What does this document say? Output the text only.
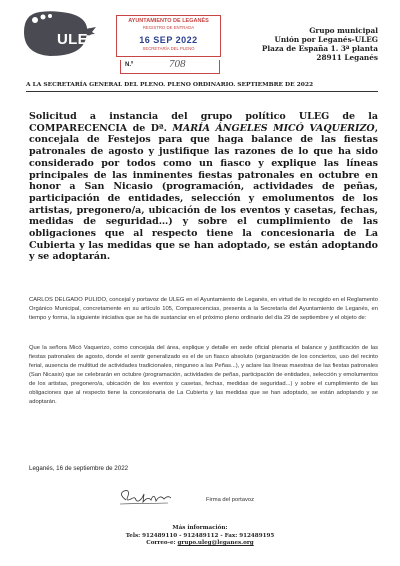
ULEG
AYUNTAMIENTO DE LEGANÉS
REGISTRO DE ENTRADA
16 SEP 2022
SECRETARÍA DEL PLENO
N.º	708
Grupo municipal
Unión por Leganés-ULEG
Plaza de España 1. 3ª planta
28911 Leganés
A LA SECRETARÍA GENERAL DEL PLENO. PLENO ORDINARIO. SEPTIEMBRE DE 2022
Solicitud a instancia del grupo político ULEG de la COMPARECENCIA de Dª. MARÍA ÁNGELES MICÓ VAQUERIZO, concejala de Festejos para que haga balance de las fiestas patronales de agosto y justifique las razones de lo que ha sido considerado por todos como un fiasco y explique las líneas principales de las inminentes fiestas patronales en octubre en honor a San Nicasio (programación, actividades de peñas, participación de entidades, selección y emolumentos de los artistas, pregonero/a, ubicación de los eventos y casetas, fechas, medidas de seguridad…) y sobre el cumplimiento de las obligaciones que al respecto tiene la concesionaria de La Cubierta y las medidas que se han adoptado, se están adoptando y se adoptarán.
CARLOS DELGADO PULIDO, concejal y portavoz de ULEG en el Ayuntamiento de Leganés, en virtud de lo recogido en el Reglamento Orgánico Municipal, concretamente en su artículo 105, Comparecencias, presenta a la Secretaría del Ayuntamiento de Leganés, en tiempo y forma, la siguiente iniciativa que se ha de sustanciar en el próximo pleno ordinario del día 29 de septiembre y el objeto de:
Que la señora Micó Vaquerizo, como concejala del área, explique y detalle en sede oficial plenaria el balance y justificación de las fiestas patronales de agosto, donde el sentir generalizado es el de un fiasco absoluto (organización de los conciertos, uso del recinto ferial, ausencia de multitud de actividades tradicionales, ninguneo a las Peñas...), y aclare las líneas maestras de las fiestas patronales (San Nicasio) que se celebrarán en octubre (programación, actividades de peñas, participación de entidades, selección y emolumentos de los artistas, pregonero/a, ubicación de los eventos y casetas, fechas, medidas de seguridad...) y sobre el cumplimiento de las obligaciones que al respecto tiene la concesionaria de La Cubierta y las medidas que se han adoptado, se están adoptando y se adoptarán.
Leganés, 16 de septiembre de 2022
Firma del portavoz
Más información:
Tels: 912489110 - 912489112 - Fax: 912489195
Correo-e: grupo.uleg@leganes.org
